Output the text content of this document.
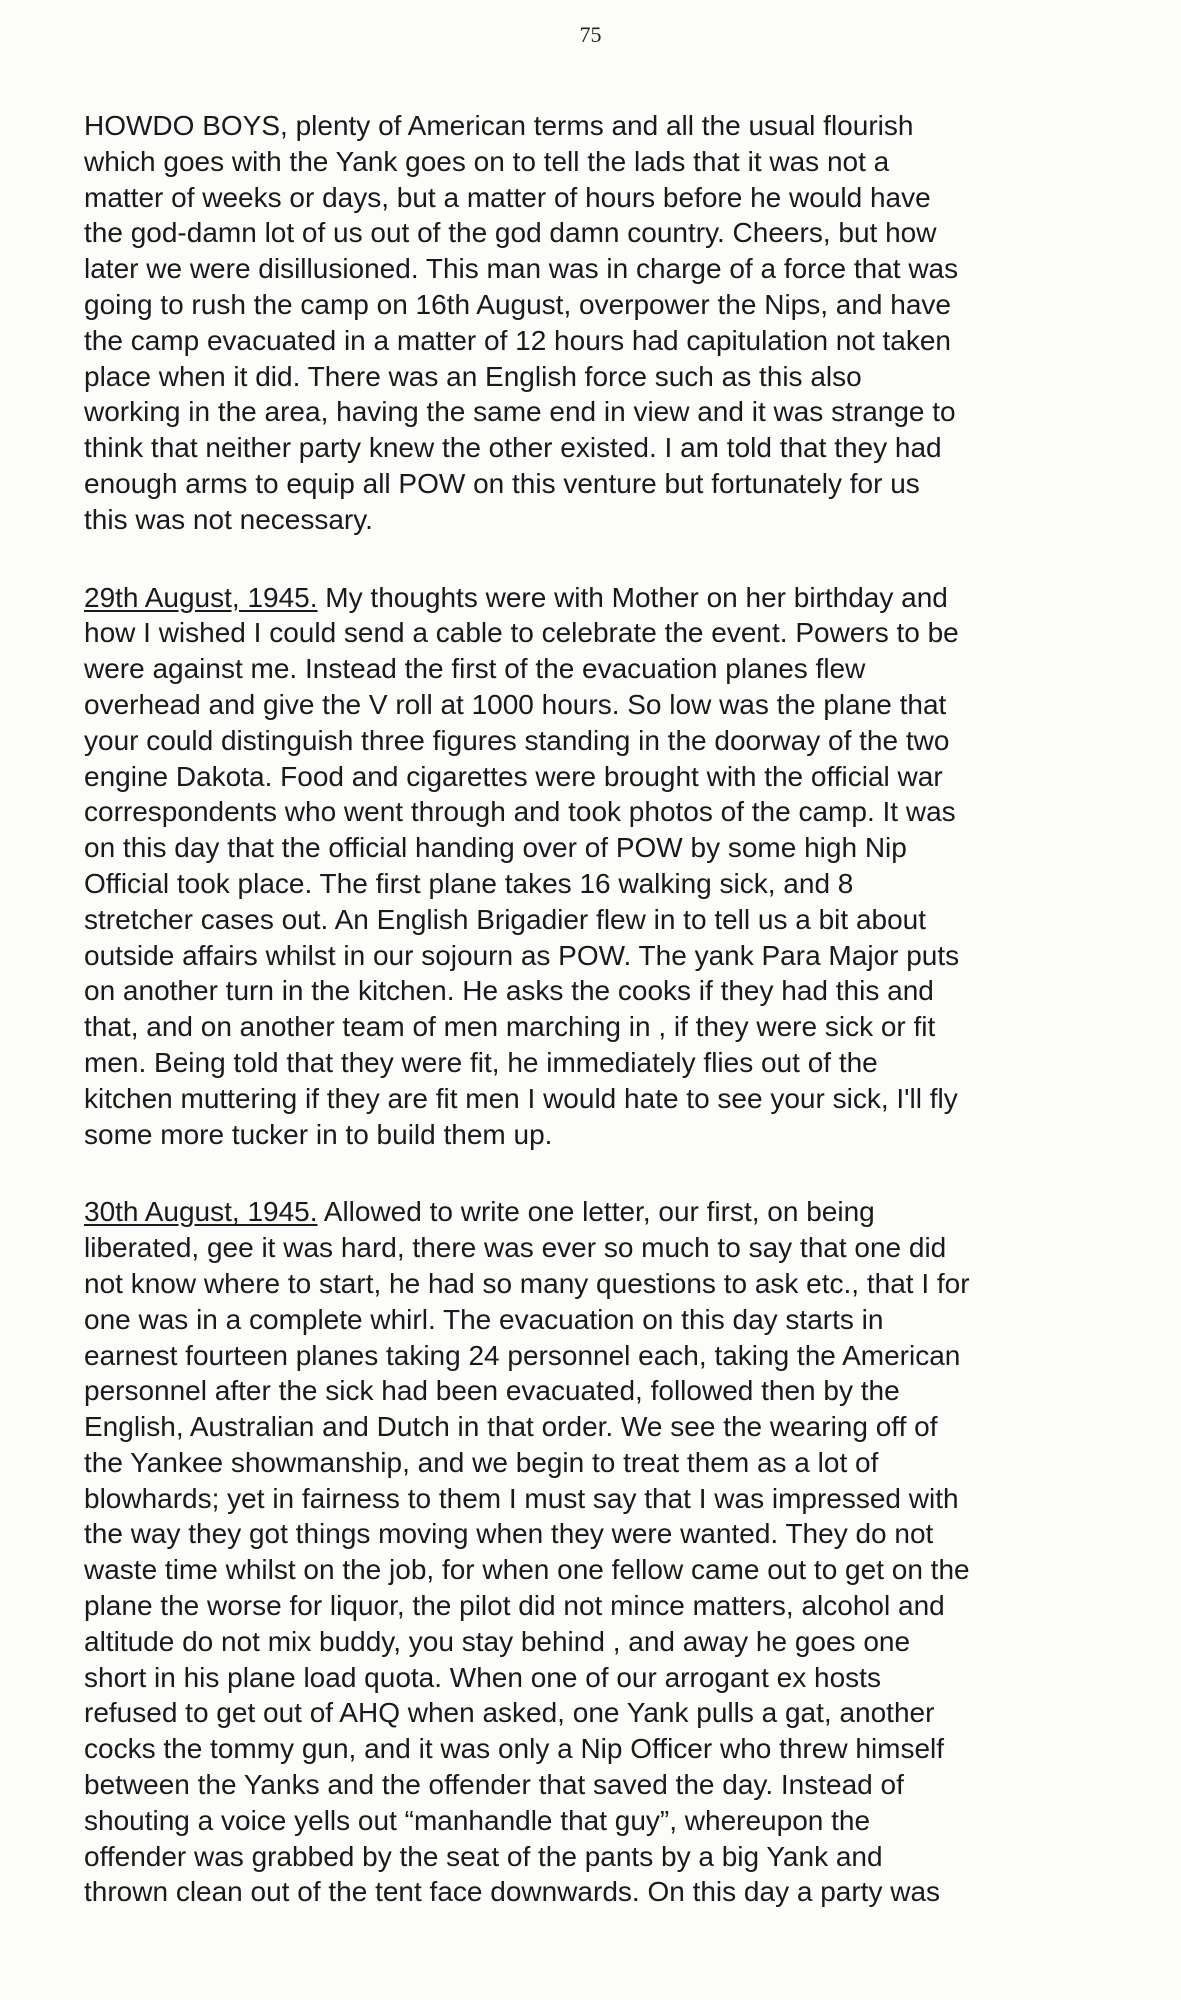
75
HOWDO BOYS, plenty of American terms and all the usual flourish
which goes with the Yank goes on to tell the lads that it was not a
matter of weeks or days, but a matter of hours before he would have
the god-damn lot of us out of the god damn country. Cheers, but how
later we were disillusioned. This man was in charge of a force that was
going to rush the camp on 16th August, overpower the Nips, and have
the camp evacuated in a matter of 12 hours had capitulation not taken
place when it did. There was an English force such as this also
working in the area, having the same end in view and it was strange to
think that neither party knew the other existed. I am told that they had
enough arms to equip all POW on this venture but fortunately for us
this was not necessary.
29th August, 1945. My thoughts were with Mother on her birthday and
how I wished I could send a cable to celebrate the event. Powers to be
were against me. Instead the first of the evacuation planes flew
overhead and give the V roll at 1000 hours. So low was the plane that
your could distinguish three figures standing in the doorway of the two
engine Dakota. Food and cigarettes were brought with the official war
correspondents who went through and took photos of the camp. It was
on this day that the official handing over of POW by some high Nip
Official took place. The first plane takes 16 walking sick, and 8
stretcher cases out. An English Brigadier flew in to tell us a bit about
outside affairs whilst in our sojourn as POW. The yank Para Major puts
on another turn in the kitchen. He asks the cooks if they had this and
that, and on another team of men marching in , if they were sick or fit
men. Being told that they were fit, he immediately flies out of the
kitchen muttering if they are fit men I would hate to see your sick, I'll fly
some more tucker in to build them up.
30th August, 1945. Allowed to write one letter, our first, on being
liberated, gee it was hard, there was ever so much to say that one did
not know where to start, he had so many questions to ask etc., that I for
one was in a complete whirl. The evacuation on this day starts in
earnest fourteen planes taking 24 personnel each, taking the American
personnel after the sick had been evacuated, followed then by the
English, Australian and Dutch in that order. We see the wearing off of
the Yankee showmanship, and we begin to treat them as a lot of
blowhards; yet in fairness to them I must say that I was impressed with
the way they got things moving when they were wanted. They do not
waste time whilst on the job, for when one fellow came out to get on the
plane the worse for liquor, the pilot did not mince matters, alcohol and
altitude do not mix buddy, you stay behind , and away he goes one
short in his plane load quota. When one of our arrogant ex hosts
refused to get out of AHQ when asked, one Yank pulls a gat, another
cocks the tommy gun, and it was only a Nip Officer who threw himself
between the Yanks and the offender that saved the day. Instead of
shouting a voice yells out “manhandle that guy”, whereupon the
offender was grabbed by the seat of the pants by a big Yank and
thrown clean out of the tent face downwards. On this day a party was
